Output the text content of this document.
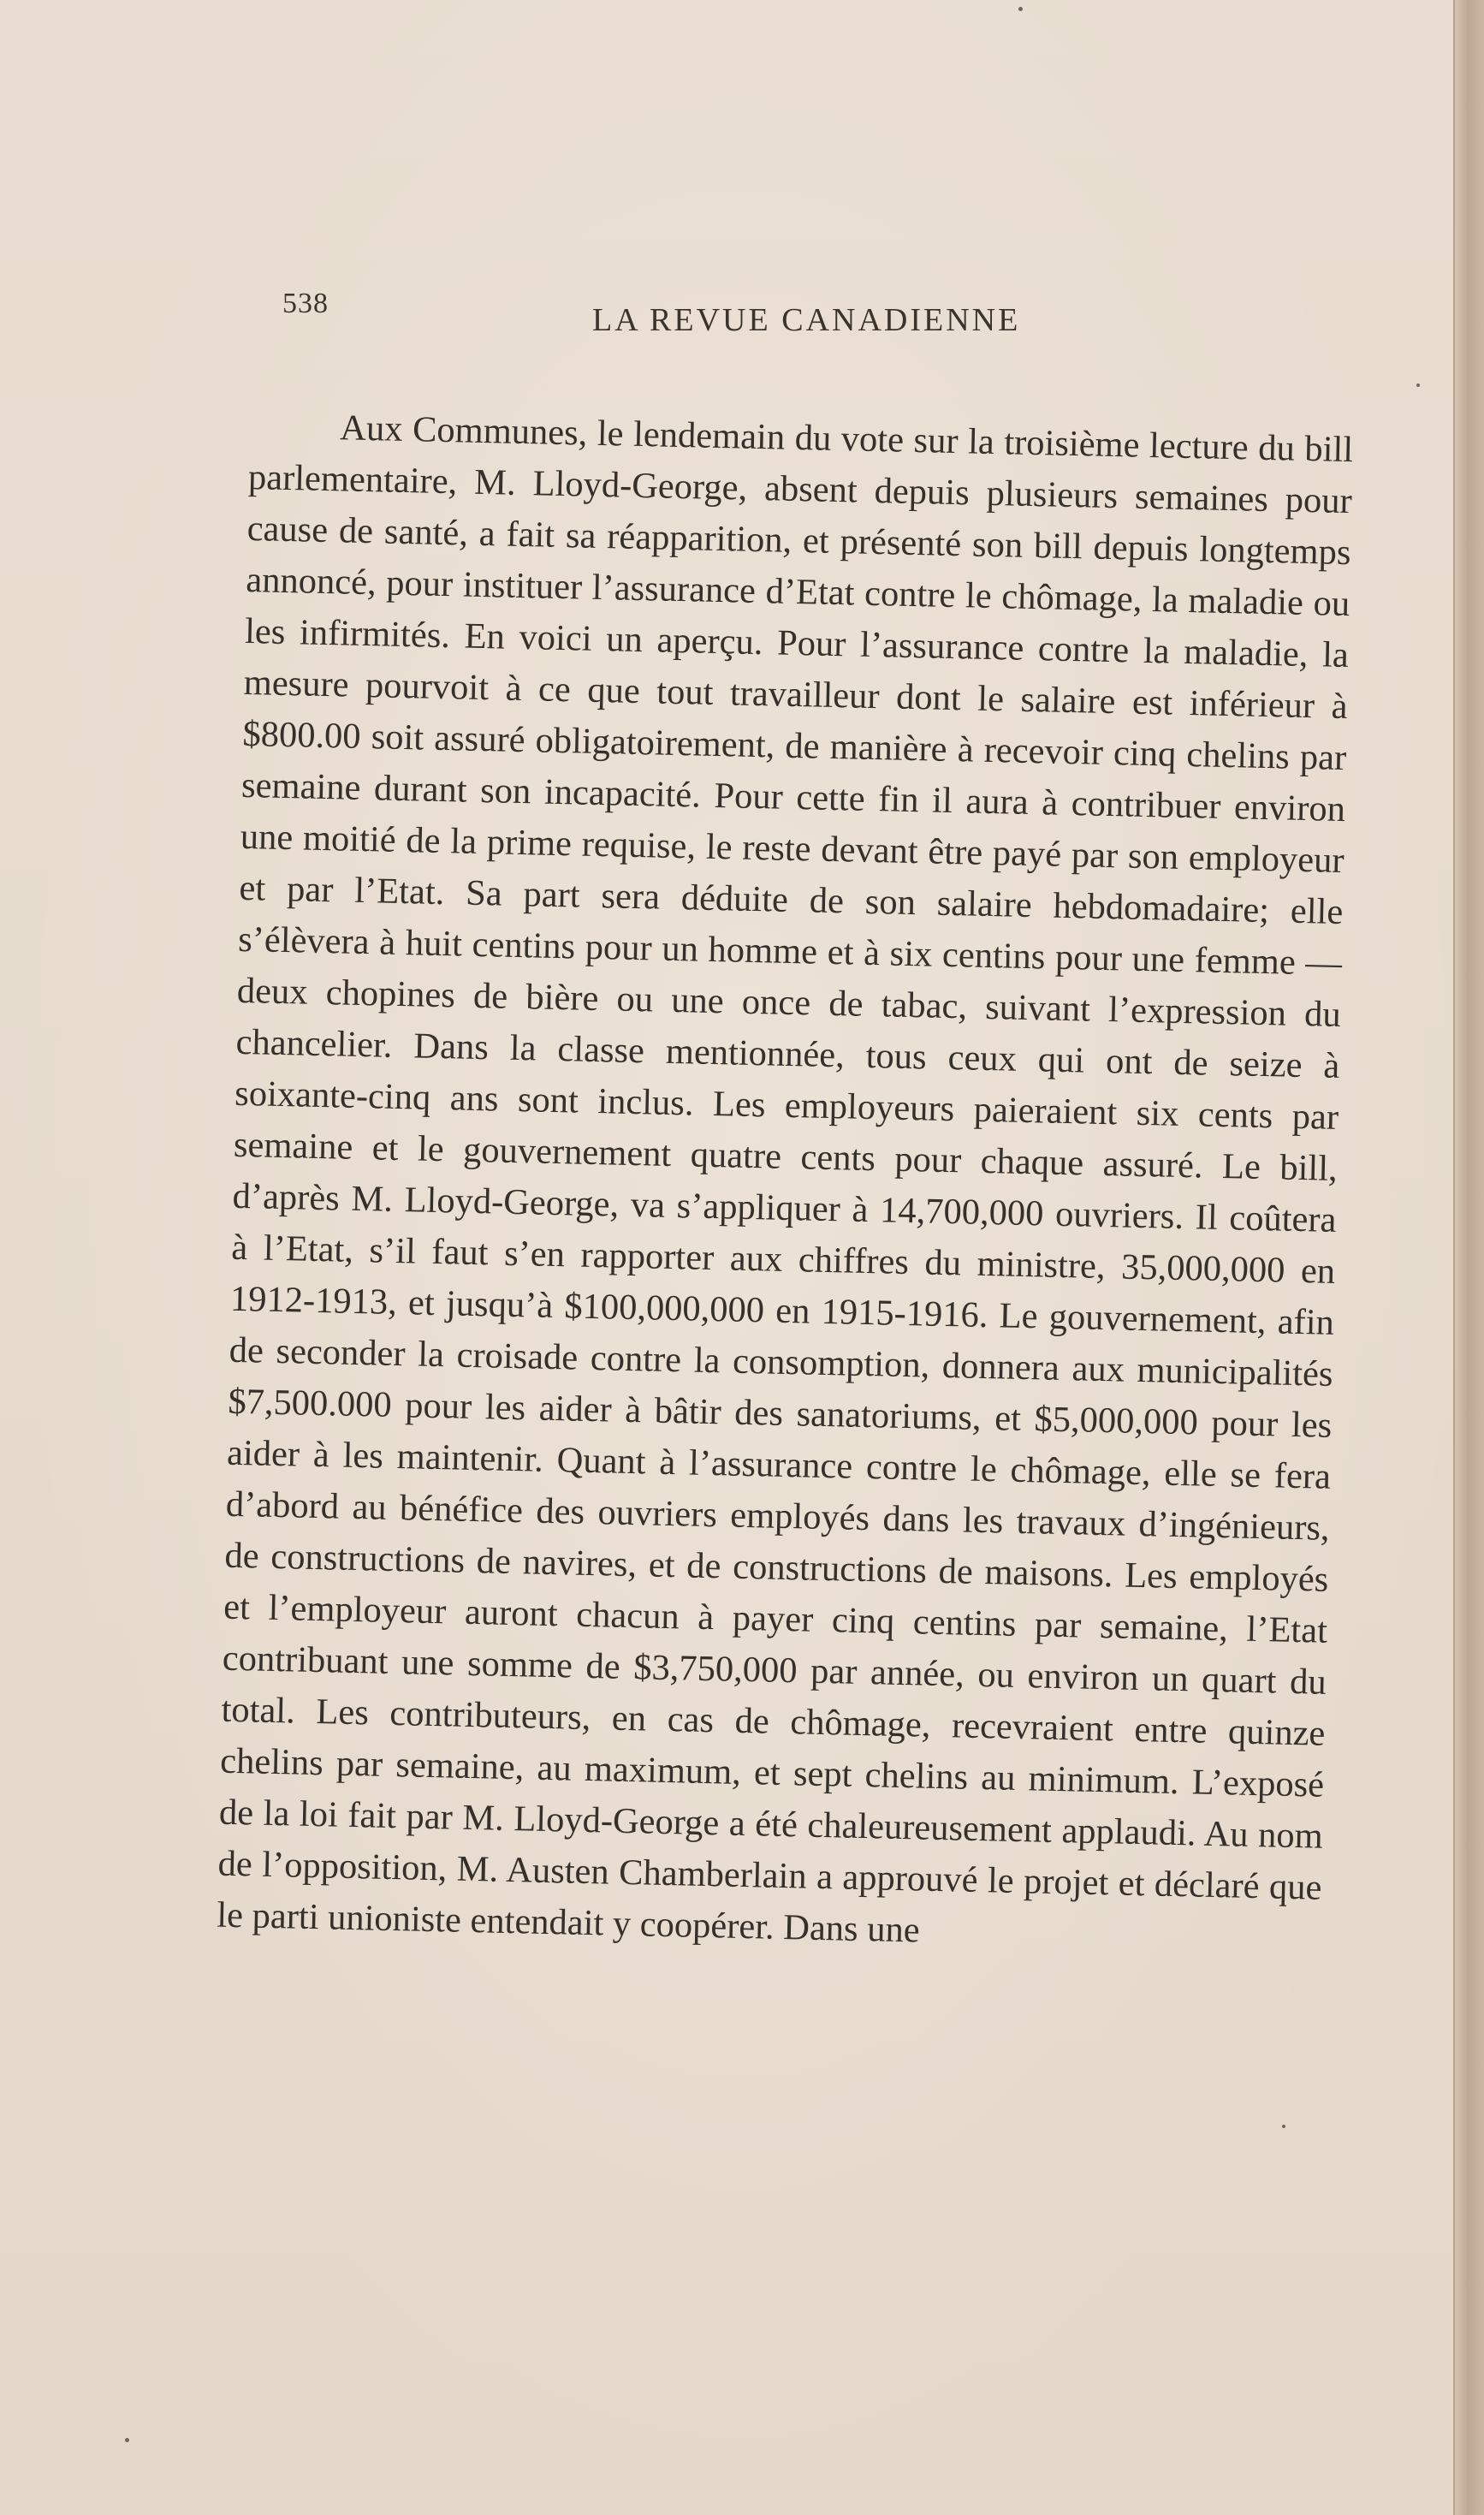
538	LA REVUE CANADIENNE

Aux Communes, le lendemain du vote sur la troisième lecture du bill parlementaire, M. Lloyd-George, absent depuis plusieurs semaines pour cause de santé, a fait sa réapparition, et présenté son bill depuis longtemps annoncé, pour instituer l’assurance d’Etat contre le chômage, la maladie ou les infirmités. En voici un aperçu. Pour l’assurance contre la maladie, la mesure pourvoit à ce que tout travailleur dont le salaire est inférieur à $800.00 soit assuré obligatoirement, de manière à recevoir cinq chelins par semaine durant son incapacité. Pour cette fin il aura à contribuer environ une moitié de la prime requise, le reste devant être payé par son employeur et par l’Etat. Sa part sera déduite de son salaire hebdomadaire; elle s’élèvera à huit centins pour un homme et à six centins pour une femme — deux chopines de bière ou une once de tabac, suivant l’expression du chancelier. Dans la classe mentionnée, tous ceux qui ont de seize à soixante-cinq ans sont inclus. Les employeurs paieraient six cents par semaine et le gouvernement quatre cents pour chaque assuré. Le bill, d’après M. Lloyd-George, va s’appliquer à 14,700,000 ouvriers. Il coûtera à l’Etat, s’il faut s’en rapporter aux chiffres du ministre, 35,000,000 en 1912-1913, et jusqu’à $100,000,000 en 1915-1916. Le gouvernement, afin de seconder la croisade contre la consomption, donnera aux municipalités $7,500.000 pour les aider à bâtir des sanatoriums, et $5,000,000 pour les aider à les maintenir. Quant à l’assurance contre le chômage, elle se fera d’abord au bénéfice des ouvriers employés dans les travaux d’ingénieurs, de constructions de navires, et de constructions de maisons. Les employés et l’employeur auront chacun à payer cinq centins par semaine, l’Etat contribuant une somme de $3,750,000 par année, ou environ un quart du total. Les contributeurs, en cas de chômage, recevraient entre quinze chelins par semaine, au maximum, et sept chelins au minimum. L’exposé de la loi fait par M. Lloyd-George a été chaleureusement applaudi. Au nom de l’opposition, M. Austen Chamberlain a approuvé le projet et déclaré que le parti unioniste entendait y coopérer. Dans une
